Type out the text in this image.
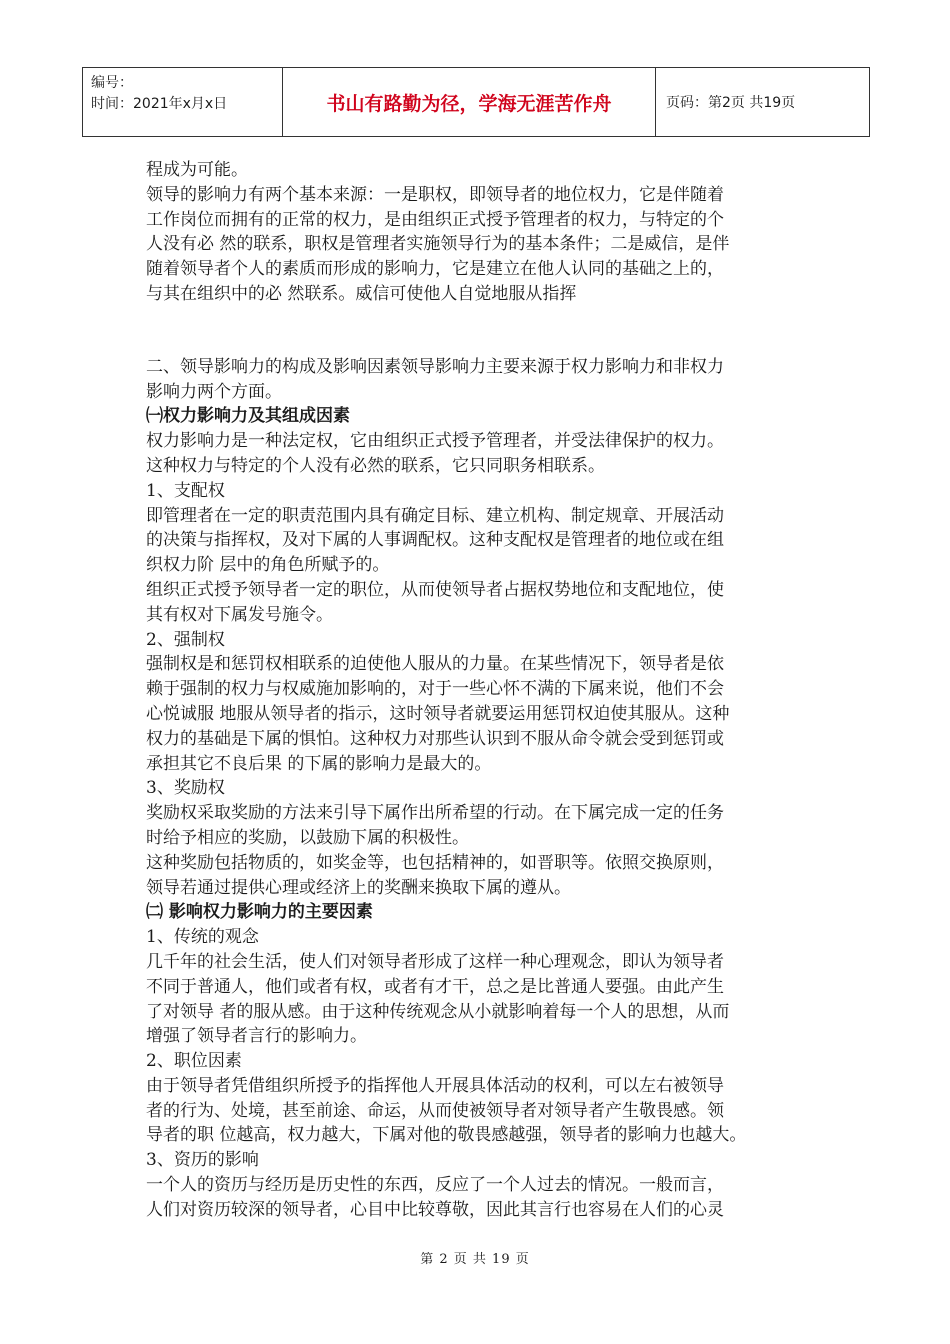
编号：
时间：2021年x月x日	书山有路勤为径，学海无涯苦作舟	页码：第2页 共19页
程成为可能。
领导的影响力有两个基本来源：一是职权，即领导者的地位权力，它是伴随着
工作岗位而拥有的正常的权力，是由组织正式授予管理者的权力，与特定的个
人没有必 然的联系，职权是管理者实施领导行为的基本条件；二是威信，是伴
随着领导者个人的素质而形成的影响力，它是建立在他人认同的基础之上的，
与其在组织中的必 然联系。威信可使他人自觉地服从指挥
二、领导影响力的构成及影响因素领导影响力主要来源于权力影响力和非权力
影响力两个方面。
㈠权力影响力及其组成因素
权力影响力是一种法定权，它由组织正式授予管理者，并受法律保护的权力。
这种权力与特定的个人没有必然的联系，它只同职务相联系。
1、支配权
即管理者在一定的职责范围内具有确定目标、建立机构、制定规章、开展活动
的决策与指挥权，及对下属的人事调配权。这种支配权是管理者的地位或在组
织权力阶 层中的角色所赋予的。
组织正式授予领导者一定的职位，从而使领导者占据权势地位和支配地位，使
其有权对下属发号施令。
2、强制权
强制权是和惩罚权相联系的迫使他人服从的力量。在某些情况下，领导者是依
赖于强制的权力与权威施加影响的，对于一些心怀不满的下属来说，他们不会
心悦诚服 地服从领导者的指示，这时领导者就要运用惩罚权迫使其服从。这种
权力的基础是下属的惧怕。这种权力对那些认识到不服从命令就会受到惩罚或
承担其它不良后果 的下属的影响力是最大的。
3、奖励权
奖励权采取奖励的方法来引导下属作出所希望的行动。在下属完成一定的任务
时给予相应的奖励，以鼓励下属的积极性。
这种奖励包括物质的，如奖金等，也包括精神的，如晋职等。依照交换原则，
领导若通过提供心理或经济上的奖酬来换取下属的遵从。
㈡ 影响权力影响力的主要因素
1、传统的观念
几千年的社会生活，使人们对领导者形成了这样一种心理观念，即认为领导者
不同于普通人，他们或者有权，或者有才干，总之是比普通人要强。由此产生
了对领导 者的服从感。由于这种传统观念从小就影响着每一个人的思想，从而
增强了领导者言行的影响力。
2、职位因素
由于领导者凭借组织所授予的指挥他人开展具体活动的权利，可以左右被领导
者的行为、处境，甚至前途、命运，从而使被领导者对领导者产生敬畏感。领
导者的职 位越高，权力越大，下属对他的敬畏感越强，领导者的影响力也越大。
3、资历的影响
一个人的资历与经历是历史性的东西，反应了一个人过去的情况。一般而言，
人们对资历较深的领导者，心目中比较尊敬，因此其言行也容易在人们的心灵
第 2 页 共 19 页
